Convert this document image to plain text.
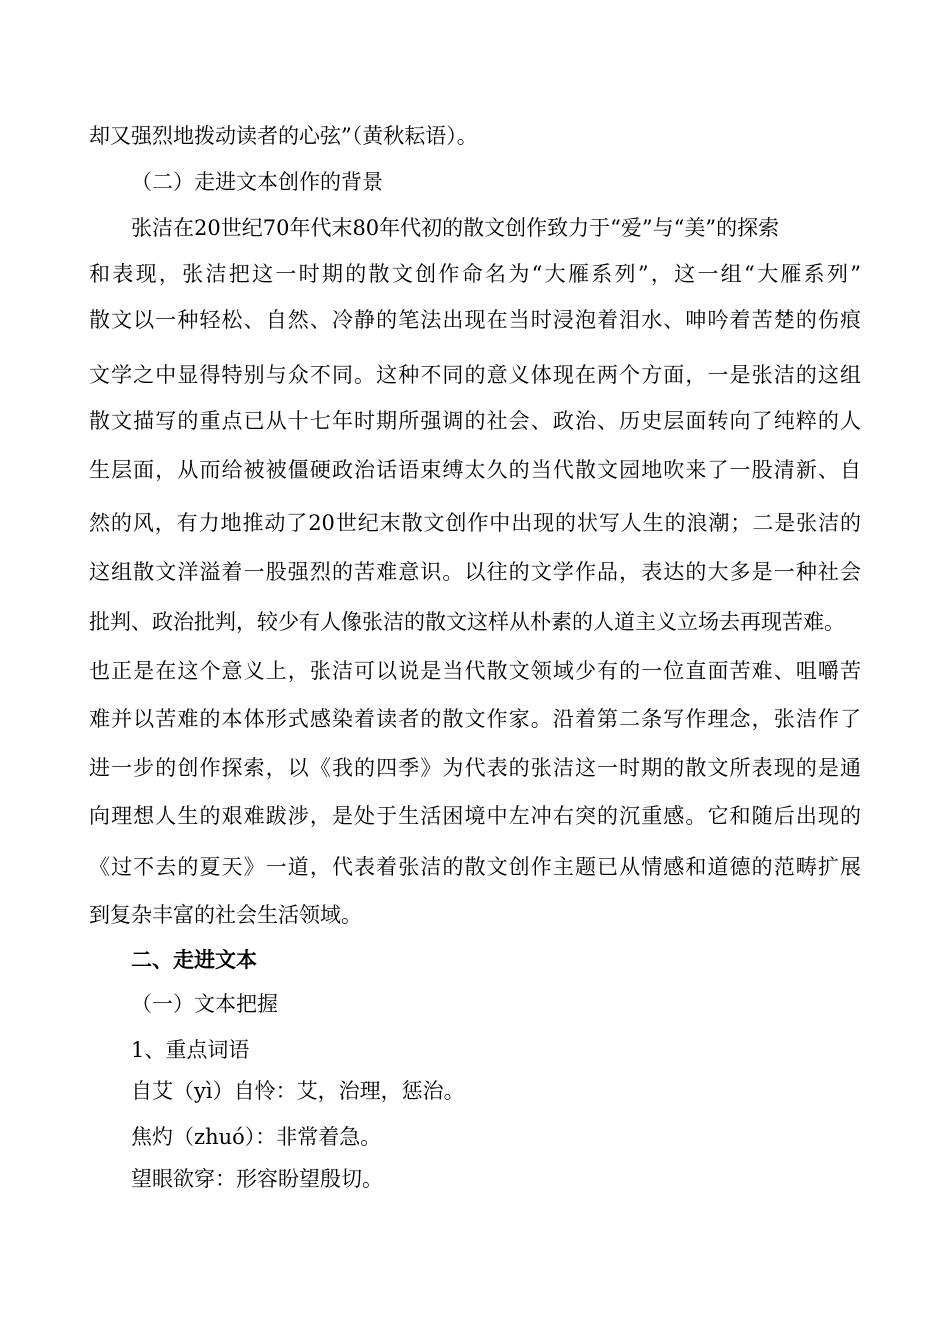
却又强烈地拨动读者的心弦”（黄秋耘语）。
（二）走进文本创作的背景
张洁在20世纪70年代末80年代初的散文创作致力于“爱”与“美”的探索
和表现，张洁把这一时期的散文创作命名为“大雁系列”，这一组“大雁系列”
散文以一种轻松、自然、冷静的笔法出现在当时浸泡着泪水、呻吟着苦楚的伤痕
文学之中显得特别与众不同。这种不同的意义体现在两个方面，一是张洁的这组
散文描写的重点已从十七年时期所强调的社会、政治、历史层面转向了纯粹的人
生层面，从而给被被僵硬政治话语束缚太久的当代散文园地吹来了一股清新、自
然的风，有力地推动了20世纪末散文创作中出现的状写人生的浪潮；二是张洁的
这组散文洋溢着一股强烈的苦难意识。以往的文学作品，表达的大多是一种社会
批判、政治批判，较少有人像张洁的散文这样从朴素的人道主义立场去再现苦难。
也正是在这个意义上，张洁可以说是当代散文领域少有的一位直面苦难、咀嚼苦
难并以苦难的本体形式感染着读者的散文作家。沿着第二条写作理念，张洁作了
进一步的创作探索，以《我的四季》为代表的张洁这一时期的散文所表现的是通
向理想人生的艰难跋涉，是处于生活困境中左冲右突的沉重感。它和随后出现的
《过不去的夏天》一道，代表着张洁的散文创作主题已从情感和道德的范畴扩展
到复杂丰富的社会生活领域。
二、走进文本
（一）文本把握
1、重点词语
自艾（yì）自怜：艾，治理，惩治。
焦灼（zhuó）：非常着急。
望眼欲穿：形容盼望殷切。
